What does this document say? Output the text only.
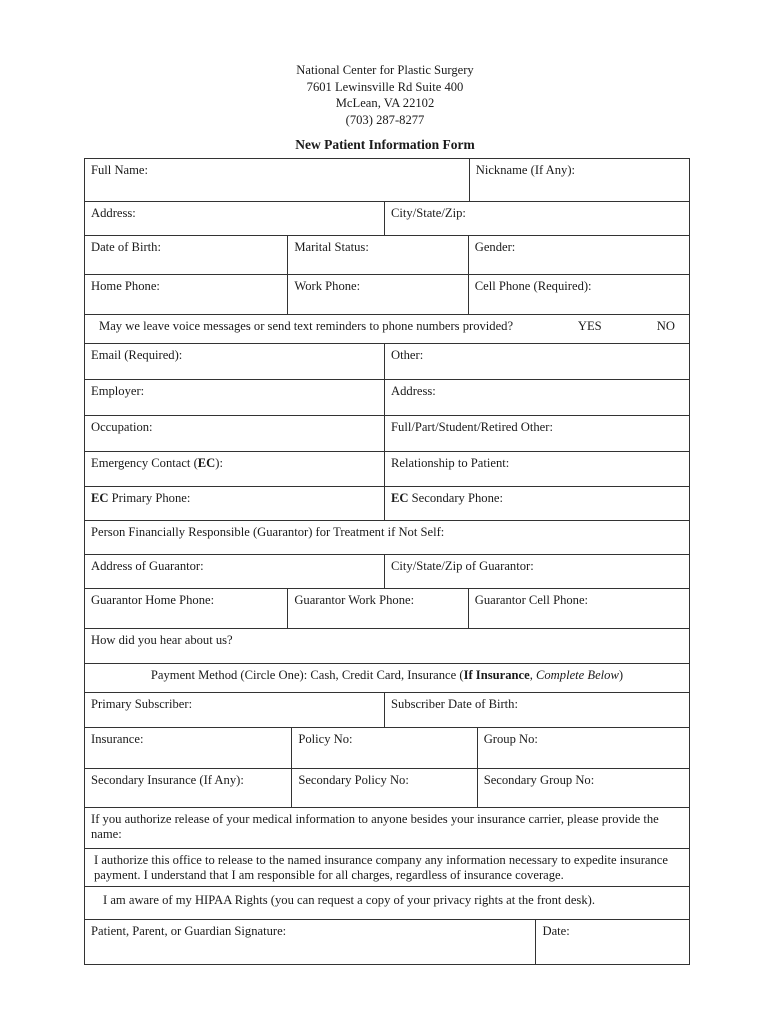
National Center for Plastic Surgery
7601 Lewinsville Rd Suite 400
McLean, VA 22102
(703) 287-8277
New Patient Information Form
Full Name:	Nickname (If Any):
Address:	City/State/Zip:
Date of Birth:	Marital Status:	Gender:
Home Phone:	Work Phone:	Cell Phone (Required):
May we leave voice messages or send text reminders to phone numbers provided?	YES	NO
Email (Required):	Other:
Employer:	Address:
Occupation:	Full/Part/Student/Retired Other:
Emergency Contact (EC):	Relationship to Patient:
EC Primary Phone:	EC Secondary Phone:
Person Financially Responsible (Guarantor) for Treatment if Not Self:
Address of Guarantor:	City/State/Zip of Guarantor:
Guarantor Home Phone:	Guarantor Work Phone:	Guarantor Cell Phone:
How did you hear about us?
Payment Method (Circle One): Cash, Credit Card, Insurance (If Insurance, Complete Below)
Primary Subscriber:	Subscriber Date of Birth:
Insurance:	Policy No:	Group No:
Secondary Insurance (If Any):	Secondary Policy No:	Secondary Group No:
If you authorize release of your medical information to anyone besides your insurance carrier, please provide the name:
I authorize this office to release to the named insurance company any information necessary to expedite insurance payment. I understand that I am responsible for all charges, regardless of insurance coverage.
I am aware of my HIPAA Rights (you can request a copy of your privacy rights at the front desk).
Patient, Parent, or Guardian Signature:	Date:
